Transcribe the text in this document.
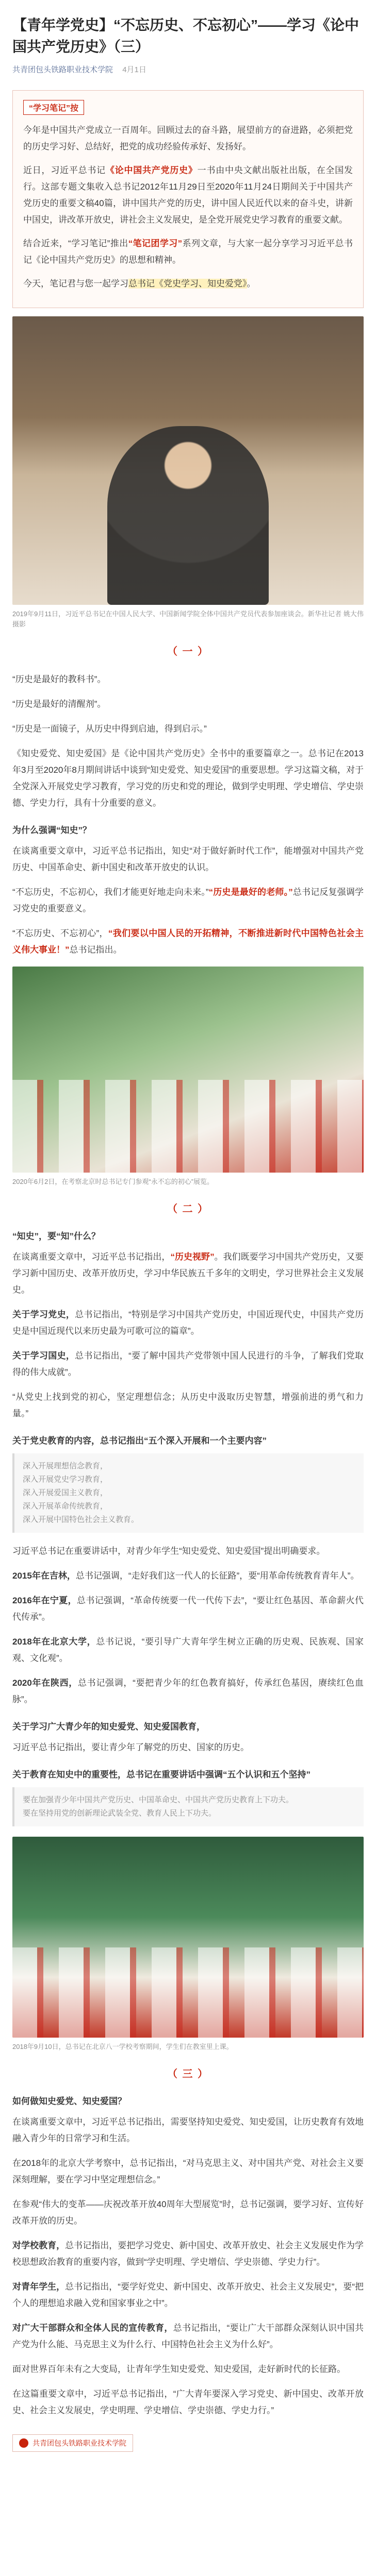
【青年学党史】“不忘历史、不忘初心”——学习《论中国共产党历史》（三）
共青团包头铁路职业技术学院 4月1日
“学习笔记”按

今年是中国共产党成立一百周年。回顾过去的奋斗路，展望前方的奋进路，必须把党的历史学习好、总结好，把党的成功经验传承好、发扬好。

近日，习近平总书记《论中国共产党历史》一书由中央文献出版社出版，在全国发行。这部专题文集收入总书记2012年11月29日至2020年11月24日期间关于中国共产党历史的重要文稿40篇，讲中国共产党的历史，讲中国人民近代以来的奋斗史，讲新中国史，讲改革开放史，讲社会主义发展史，是全党开展党史学习教育的重要文献。

结合近来，“学习笔记”推出“笔记团学习”系列文章，与大家一起分享学习习近平总书记《论中国共产党历史》的思想和精神。

今天，笔记君与您一起学习总书记《党史学习、知史爱党》。

2019年9月11日，习近平总书记在中国人民大学、中国新闻学院全体中国共产党员代表参加座谈会。新华社记者 姚大伟 摄影
（ 一 ）

“历史是最好的教科书”。

“历史是最好的清醒剂”。

“历史是一面镜子，从历史中得到启迪，得到启示。”

《知史爱党、知史爱国》是《论中国共产党历史》全书中的重要篇章之一。总书记在2013年3月至2020年8月期间讲话中谈到“知史爱党、知史爱国”的重要思想。学习这篇文稿，对于全党深入开展党史学习教育，学习党的历史和党的理论，做到学史明理、学史增信、学史崇德、学史力行，具有十分重要的意义。

为什么强调“知史”？

在谈离重要文章中，习近平总书记指出，知史“对于做好新时代工作”，能增强对中国共产党历史、中国革命史、新中国史和改革开放史的认识。

“不忘历史，不忘初心，我们才能更好地走向未来。”“历史是最好的老师。”总书记反复强调学习党史的重要意义。

“不忘历史、不忘初心”，“我们要以中国人民的开拓精神，不断推进新时代中国特色社会主义伟大事业！”总书记指出。

2020年6月2日，在考察北京时总书记专门参观“永不忘的初心”展览。
（ 二 ）
“知史”，要“知”什么？

在谈离重要文章中，习近平总书记指出，“历史视野”。我们既要学习中国共产党历史，又要学习新中国历史、改革开放历史，学习中华民族五千多年的文明史，学习世界社会主义发展史。

关于学习党史，总书记指出，“特别是学习中国共产党历史，中国近现代史，中国共产党历史是中国近现代以来历史最为可歌可泣的篇章”。

关于学习国史，总书记指出，“要了解中国共产党带领中国人民进行的斗争，了解我们党取得的伟大成就”。

“从党史上找到党的初心，坚定理想信念；从历史中汲取历史智慧，增强前进的勇气和力量。”

关于党史教育的内容，总书记指出“五个深入开展和一个主要内容”
深入开展理想信念教育，
深入开展党史学习教育，
深入开展爱国主义教育，
深入开展革命传统教育，
深入开展中国特色社会主义教育。

习近平总书记在重要讲话中，对青少年学生“知史爱党、知史爱国”提出明确要求。

2015年在吉林，总书记强调，“走好我们这一代人的长征路”，要“用革命传统教育青年人”。

2016年在宁夏，总书记强调，“革命传统要一代一代传下去”，“要让红色基因、革命薪火代代传承”。

2018年在北京大学，总书记说，“要引导广大青年学生树立正确的历史观、民族观、国家观、文化观”。

2020年在陕西，总书记强调，“要把青少年的红色教育搞好，传承红色基因，赓续红色血脉”。

关于学习广大青少年的知史爱党、知史爱国教育，

习近平总书记指出，要让青少年了解党的历史、国家的历史。

关于教育在知史中的重要性，总书记在重要讲话中强调“五个认识和五个坚持”
要在加强青少年中国共产党历史、中国革命史、中国共产党历史教育上下功夫。
要在坚持用党的创新理论武装全党、教育人民上下功夫。
2018年9月10日，总书记在北京八一学校考察期间，学生们在教室里上课。
（ 三 ）
如何做知史爱党、知史爱国？

在谈离重要文章中，习近平总书记指出，需要坚持知史爱党、知史爱国，让历史教育有效地融入青少年的日常学习和生活。

在2018年的北京大学考察中，总书记指出，“对马克思主义、对中国共产党、对社会主义要深刻理解，要在学习中坚定理想信念。”

在参观“伟大的变革——庆祝改革开放40周年大型展览”时，总书记强调，要学习好、宣传好改革开放的历史。

对学校教育，总书记指出，要把学习党史、新中国史、改革开放史、社会主义发展史作为学校思想政治教育的重要内容，做到“学史明理、学史增信、学史崇德、学史力行”。

对青年学生，总书记指出，“要学好党史、新中国史、改革开放史、社会主义发展史”，要“把个人的理想追求融入党和国家事业之中”。

对广大干部群众和全体人民的宣传教育，总书记指出，“要让广大干部群众深刻认识中国共产党为什么能、马克思主义为什么行、中国特色社会主义为什么好”。

面对世界百年未有之大变局，让青年学生知史爱党、知史爱国，走好新时代的长征路。

在这篇重要文章中，习近平总书记指出，“广大青年要深入学习党史、新中国史、改革开放史、社会主义发展史，学史明理、学史增信、学史崇德、学史力行。”

共青团包头铁路职业技术学院
